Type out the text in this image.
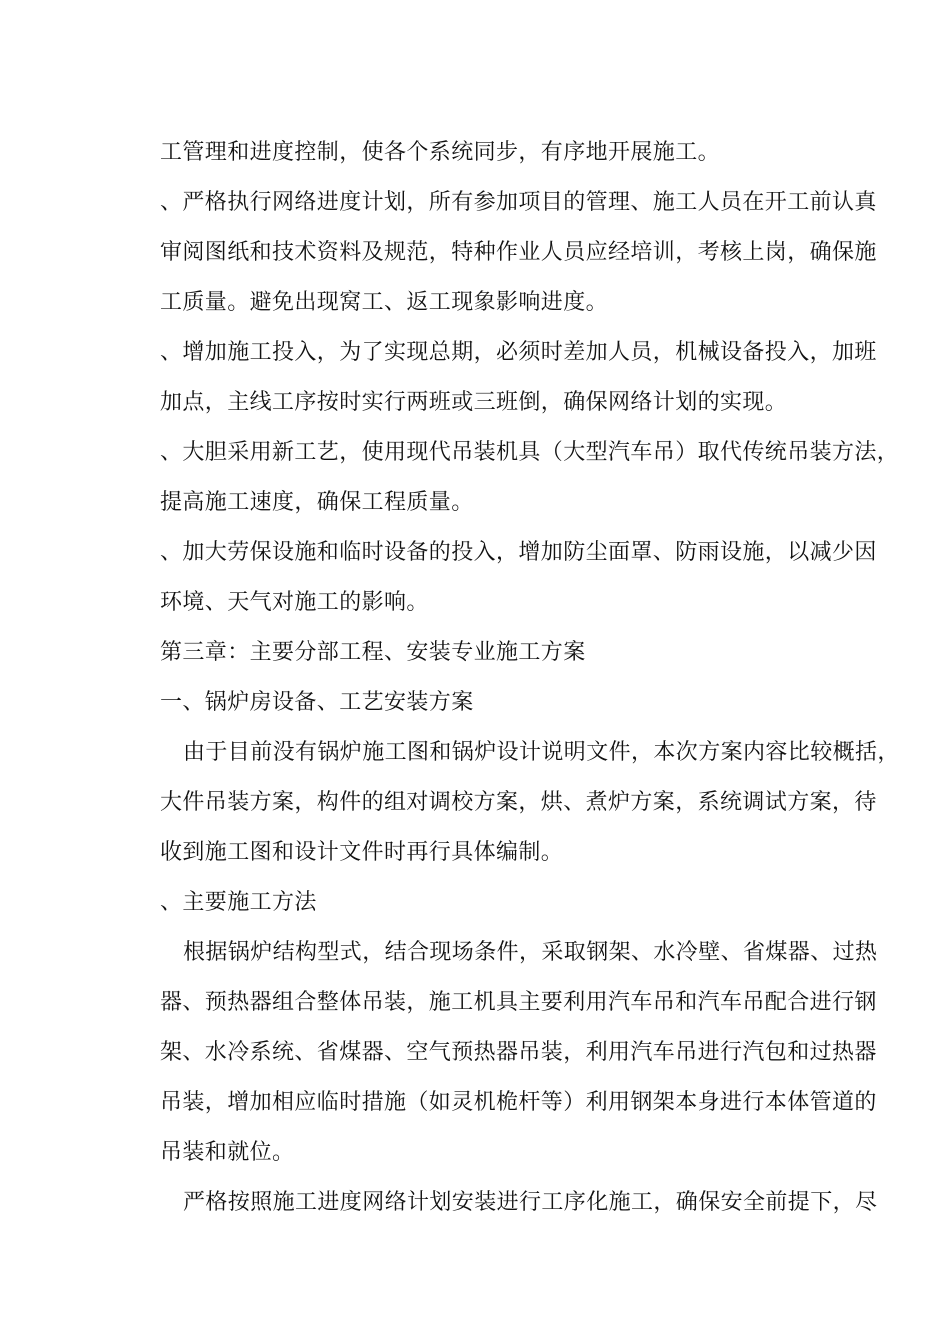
工管理和进度控制，使各个系统同步，有序地开展施工。
、严格执行网络进度计划，所有参加项目的管理、施工人员在开工前认真
审阅图纸和技术资料及规范，特种作业人员应经培训，考核上岗，确保施
工质量。避免出现窝工、返工现象影响进度。
、增加施工投入，为了实现总期，必须时差加人员，机械设备投入，加班
加点，主线工序按时实行两班或三班倒，确保网络计划的实现。
、大胆采用新工艺，使用现代吊装机具（大型汽车吊）取代传统吊装方法，
提高施工速度，确保工程质量。
、加大劳保设施和临时设备的投入，增加防尘面罩、防雨设施，以减少因
环境、天气对施工的影响。
第三章：主要分部工程、安装专业施工方案
一、锅炉房设备、工艺安装方案
由于目前没有锅炉施工图和锅炉设计说明文件，本次方案内容比较概括，
大件吊装方案，构件的组对调校方案，烘、煮炉方案，系统调试方案，待
收到施工图和设计文件时再行具体编制。
、主要施工方法
根据锅炉结构型式，结合现场条件，采取钢架、水冷壁、省煤器、过热
器、预热器组合整体吊装，施工机具主要利用汽车吊和汽车吊配合进行钢
架、水冷系统、省煤器、空气预热器吊装，利用汽车吊进行汽包和过热器
吊装，增加相应临时措施（如灵机桅杆等）利用钢架本身进行本体管道的
吊装和就位。
严格按照施工进度网络计划安装进行工序化施工，确保安全前提下，尽
